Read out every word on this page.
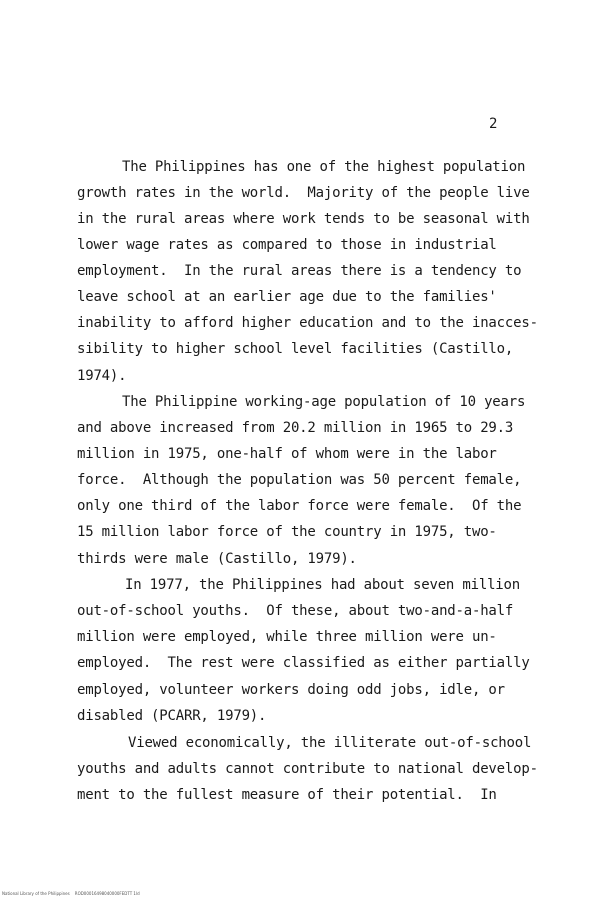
2
The Philippines has one of the highest population
growth rates in the world.  Majority of the people live
in the rural areas where work tends to be seasonal with
lower wage rates as compared to those in industrial
employment.  In the rural areas there is a tendency to
leave school at an earlier age due to the families'
inability to afford higher education and to the inacces-
sibility to higher school level facilities (Castillo,
1974).
The Philippine working-age population of 10 years
and above increased from 20.2 million in 1965 to 29.3
million in 1975, one-half of whom were in the labor
force.  Although the population was 50 percent female,
only one third of the labor force were female.  Of the
15 million labor force of the country in 1975, two-
thirds were male (Castillo, 1979).
In 1977, the Philippines had about seven million
out-of-school youths.  Of these, about two-and-a-half
million were employed, while three million were un-
employed.  The rest were classified as either partially
employed, volunteer workers doing odd jobs, idle, or
disabled (PCARR, 1979).
Viewed economically, the illiterate out-of-school
youths and adults cannot contribute to national develop-
ment to the fullest measure of their potential.  In
National Library of the Philippines    ROD00016498040000FEDTT 1ld
